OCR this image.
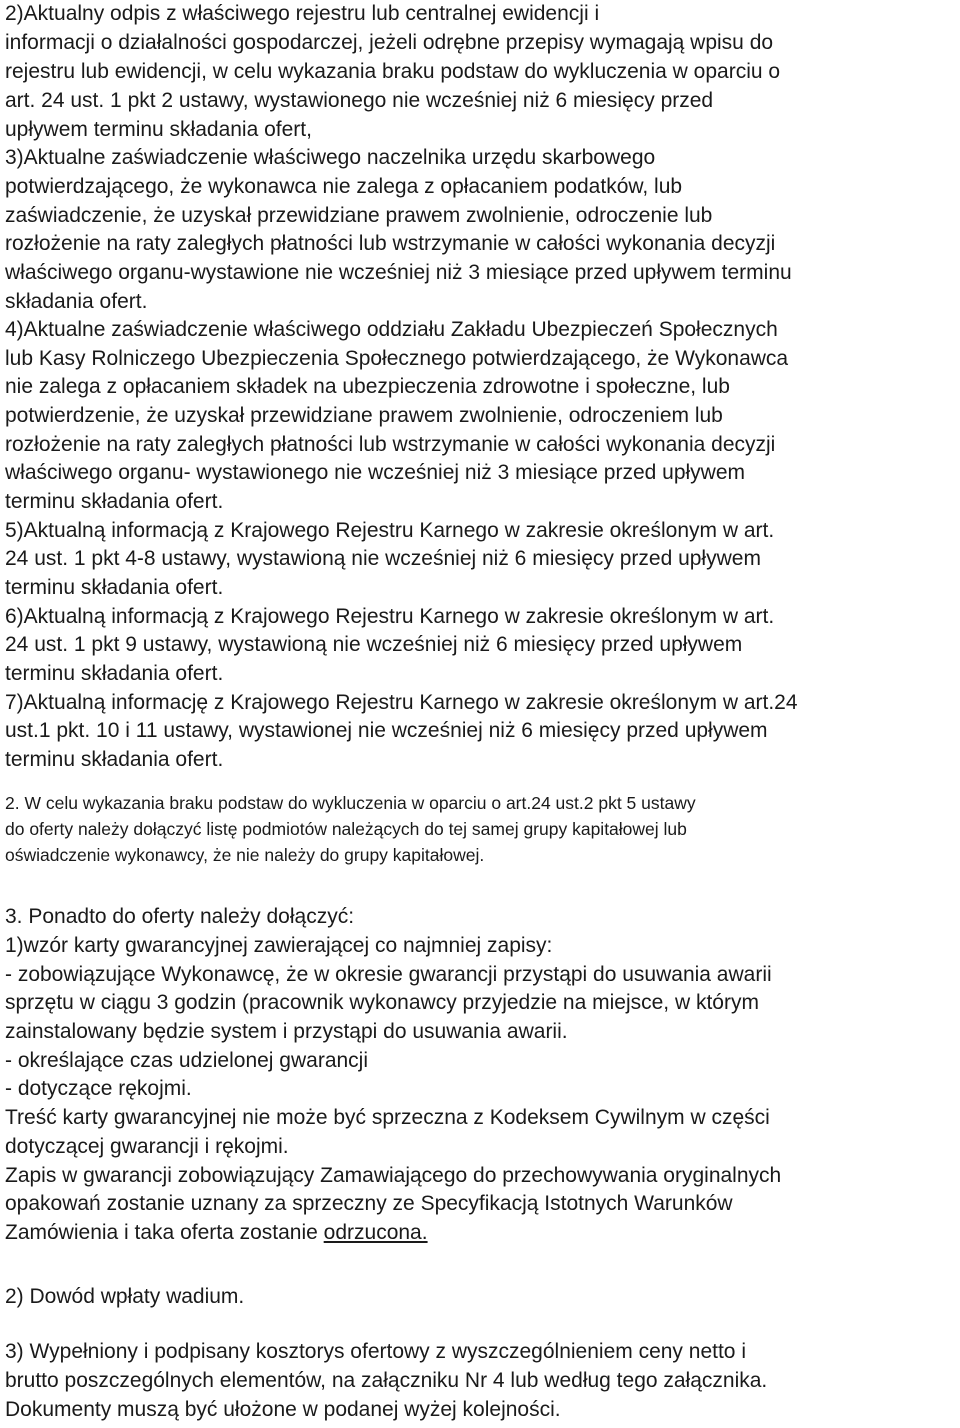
2)Aktualny odpis z właściwego rejestru lub centralnej ewidencji i
informacji o działalności gospodarczej, jeżeli odrębne przepisy wymagają wpisu do
rejestru lub ewidencji, w celu wykazania braku podstaw do wykluczenia w oparciu o
art. 24 ust. 1 pkt 2 ustawy, wystawionego nie wcześniej niż 6 miesięcy przed
upływem terminu składania ofert,
3)Aktualne zaświadczenie właściwego naczelnika urzędu skarbowego
potwierdzającego, że wykonawca nie zalega z opłacaniem podatków, lub
zaświadczenie, że uzyskał przewidziane prawem zwolnienie, odroczenie lub
rozłożenie na raty zaległych płatności lub wstrzymanie w całości wykonania decyzji
właściwego organu-wystawione nie wcześniej niż 3 miesiące przed upływem terminu
składania ofert.
4)Aktualne zaświadczenie właściwego oddziału Zakładu Ubezpieczeń Społecznych
lub Kasy Rolniczego Ubezpieczenia Społecznego potwierdzającego, że Wykonawca
nie zalega z opłacaniem składek na ubezpieczenia zdrowotne i społeczne, lub
potwierdzenie, że uzyskał przewidziane prawem zwolnienie, odroczeniem lub
rozłożenie na raty zaległych płatności lub wstrzymanie w całości wykonania decyzji
właściwego organu- wystawionego nie wcześniej niż 3 miesiące przed upływem
terminu składania ofert.
5)Aktualną informacją z Krajowego Rejestru Karnego w zakresie określonym w art.
24 ust. 1 pkt 4-8 ustawy, wystawioną nie wcześniej niż 6 miesięcy przed upływem
terminu składania ofert.
6)Aktualną informacją z Krajowego Rejestru Karnego w zakresie określonym w art.
24 ust. 1 pkt 9 ustawy, wystawioną nie wcześniej niż 6 miesięcy przed upływem
terminu składania ofert.
7)Aktualną informację z Krajowego Rejestru Karnego w zakresie określonym w art.24
ust.1 pkt. 10 i 11 ustawy, wystawionej nie wcześniej niż 6 miesięcy przed upływem
terminu składania ofert.
2. W celu wykazania braku podstaw do wykluczenia w oparciu o art.24 ust.2 pkt 5 ustawy
do oferty należy dołączyć listę podmiotów należących do tej samej grupy kapitałowej lub
oświadczenie wykonawcy, że nie należy do grupy kapitałowej.
3. Ponadto do oferty należy dołączyć:
1)wzór karty gwarancyjnej zawierającej co najmniej zapisy:
- zobowiązujące Wykonawcę, że w okresie gwarancji przystąpi do usuwania awarii
sprzętu w ciągu 3 godzin (pracownik wykonawcy przyjedzie na miejsce, w którym
zainstalowany będzie system i przystąpi do usuwania awarii.
- określające czas udzielonej gwarancji
- dotyczące rękojmi.
Treść karty gwarancyjnej nie może być sprzeczna z Kodeksem Cywilnym w części
dotyczącej gwarancji i rękojmi.
Zapis w gwarancji zobowiązujący Zamawiającego do przechowywania oryginalnych
opakowań zostanie uznany za sprzeczny ze Specyfikacją Istotnych Warunków
Zamówienia i taka oferta zostanie odrzucona.
2) Dowód wpłaty wadium.
3) Wypełniony i podpisany kosztorys ofertowy z wyszczególnieniem ceny netto i
brutto poszczególnych elementów, na załączniku Nr 4 lub według tego załącznika.
Dokumenty muszą być ułożone w podanej wyżej kolejności.
